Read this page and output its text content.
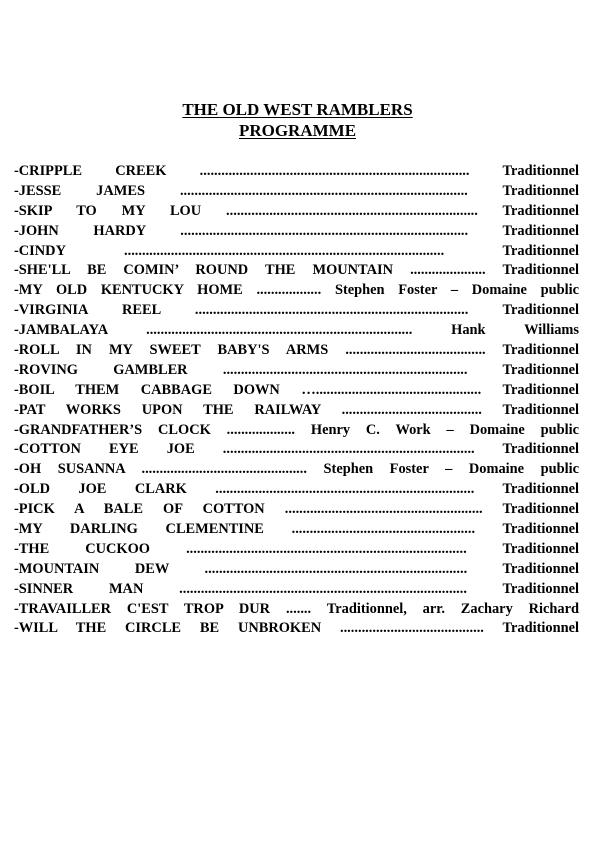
THE OLD WEST RAMBLERS
PROGRAMME
-CRIPPLE CREEK ........................................................................... Traditionnel
-JESSE JAMES ................................................................................ Traditionnel
-SKIP TO MY LOU ...................................................................... Traditionnel
-JOHN HARDY ................................................................................ Traditionnel
-CINDY	.........................................................................................	Traditionnel
-SHE'LL BE COMIN’ ROUND THE MOUNTAIN ..................... Traditionnel
-MY OLD KENTUCKY HOME .................. Stephen Foster – Domaine public
-VIRGINIA REEL ............................................................................ Traditionnel
-JAMBALAYA	..........................................................................	Hank Williams
-ROLL IN MY SWEET BABY'S ARMS ....................................... Traditionnel
-ROVING GAMBLER .................................................................... Traditionnel
-BOIL THEM CABBAGE DOWN ….............................................. Traditionnel
-PAT WORKS UPON THE RAILWAY ....................................... Traditionnel
-GRANDFATHER’S CLOCK ................... Henry C. Work – Domaine public
-COTTON EYE JOE ...................................................................... Traditionnel
-OH SUSANNA .............................................. Stephen Foster – Domaine public
-OLD JOE CLARK ........................................................................ Traditionnel
-PICK A BALE OF COTTON ....................................................... Traditionnel
-MY DARLING CLEMENTINE ................................................... Traditionnel
-THE CUCKOO	.............................................................................. Traditionnel
-MOUNTAIN DEW ......................................................................... Traditionnel
-SINNER MAN ................................................................................ Traditionnel
-TRAVAILLER C'EST TROP DUR ....... Traditionnel, arr. Zachary Richard
-WILL THE CIRCLE BE UNBROKEN ........................................ Traditionnel
